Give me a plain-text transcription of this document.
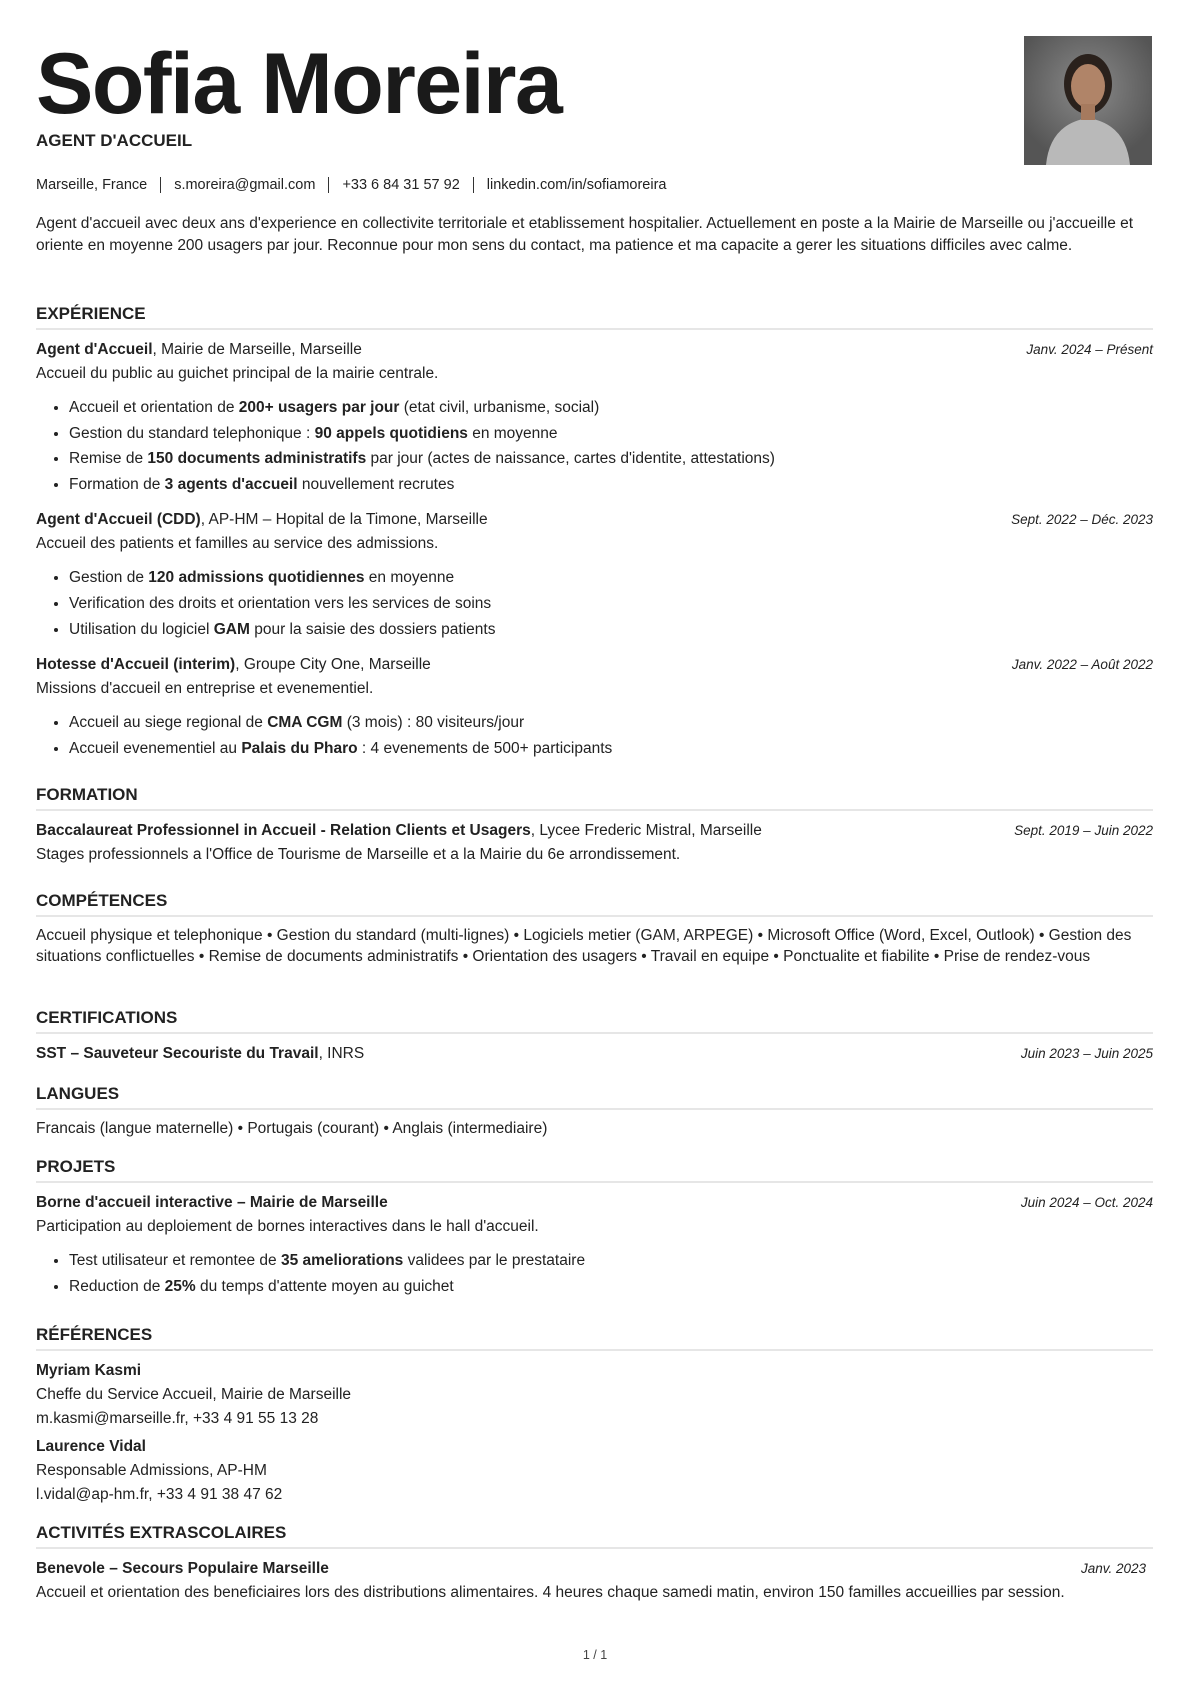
Sofia Moreira
AGENT D'ACCUEIL
Marseille, France s.moreira@gmail.com +33 6 84 31 57 92 linkedin.com/in/sofiamoreira
Agent d'accueil avec deux ans d'experience en collectivite territoriale et etablissement hospitalier. Actuellement en poste a la Mairie de Marseille ou j'accueille et oriente en moyenne 200 usagers par jour. Reconnue pour mon sens du contact, ma patience et ma capacite a gerer les situations difficiles avec calme.
EXPÉRIENCE
Agent d'Accueil, Mairie de Marseille, Marseille	Janv. 2024 – Présent
Accueil du public au guichet principal de la mairie centrale.
• Accueil et orientation de 200+ usagers par jour (etat civil, urbanisme, social)
• Gestion du standard telephonique : 90 appels quotidiens en moyenne
• Remise de 150 documents administratifs par jour (actes de naissance, cartes d'identite, attestations)
• Formation de 3 agents d'accueil nouvellement recrutes
Agent d'Accueil (CDD), AP-HM – Hopital de la Timone, Marseille	Sept. 2022 – Déc. 2023
Accueil des patients et familles au service des admissions.
• Gestion de 120 admissions quotidiennes en moyenne
• Verification des droits et orientation vers les services de soins
• Utilisation du logiciel GAM pour la saisie des dossiers patients
Hotesse d'Accueil (interim), Groupe City One, Marseille	Janv. 2022 – Août 2022
Missions d'accueil en entreprise et evenementiel.
• Accueil au siege regional de CMA CGM (3 mois) : 80 visiteurs/jour
• Accueil evenementiel au Palais du Pharo : 4 evenements de 500+ participants
FORMATION
Baccalaureat Professionnel in Accueil - Relation Clients et Usagers, Lycee Frederic Mistral, Marseille	Sept. 2019 – Juin 2022
Stages professionnels a l'Office de Tourisme de Marseille et a la Mairie du 6e arrondissement.
COMPÉTENCES
Accueil physique et telephonique • Gestion du standard (multi-lignes) • Logiciels metier (GAM, ARPEGE) • Microsoft Office (Word, Excel, Outlook) • Gestion des situations conflictuelles • Remise de documents administratifs • Orientation des usagers • Travail en equipe • Ponctualite et fiabilite • Prise de rendez-vous
CERTIFICATIONS
SST – Sauveteur Secouriste du Travail, INRS	Juin 2023 – Juin 2025
LANGUES
Francais (langue maternelle) • Portugais (courant) • Anglais (intermediaire)
PROJETS
Borne d'accueil interactive – Mairie de Marseille	Juin 2024 – Oct. 2024
Participation au deploiement de bornes interactives dans le hall d'accueil.
• Test utilisateur et remontee de 35 ameliorations validees par le prestataire
• Reduction de 25% du temps d'attente moyen au guichet
RÉFÉRENCES
Myriam Kasmi
Cheffe du Service Accueil, Mairie de Marseille
m.kasmi@marseille.fr, +33 4 91 55 13 28
Laurence Vidal
Responsable Admissions, AP-HM
l.vidal@ap-hm.fr, +33 4 91 38 47 62
ACTIVITÉS EXTRASCOLAIRES
Benevole – Secours Populaire Marseille	Janv. 2023
Accueil et orientation des beneficiaires lors des distributions alimentaires. 4 heures chaque samedi matin, environ 150 familles accueillies par session.
1 / 1
